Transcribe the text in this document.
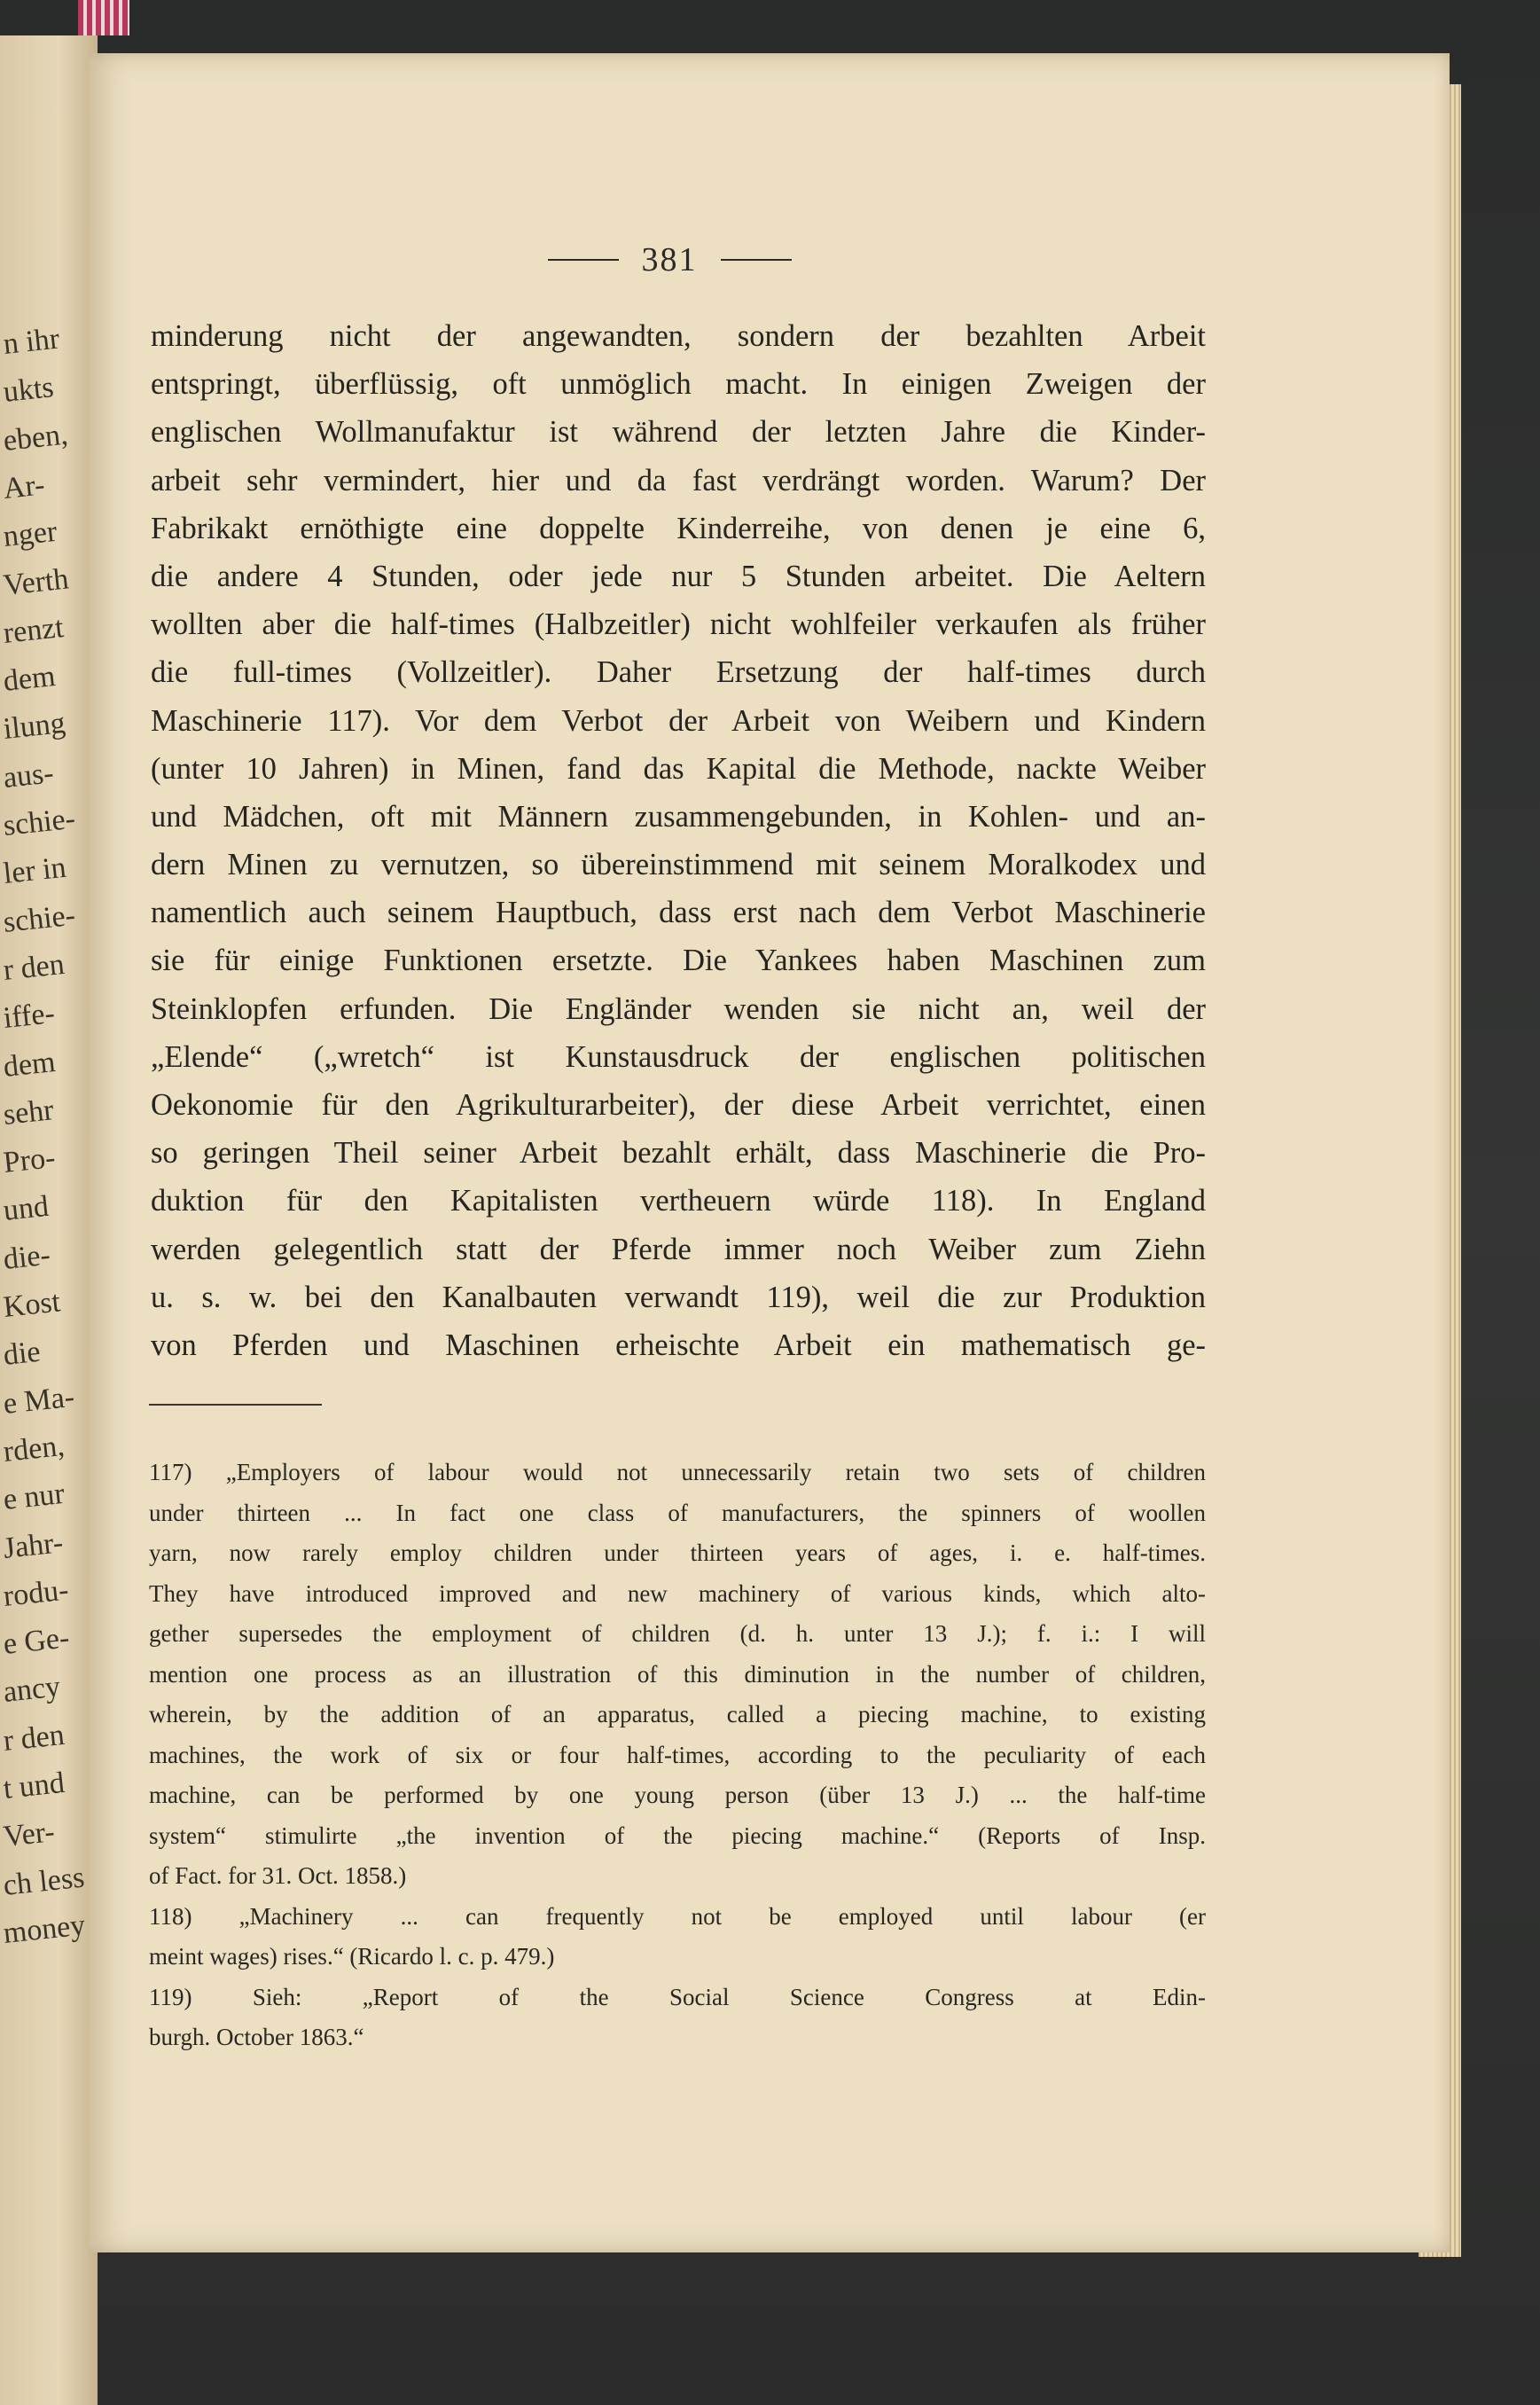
n ihr
ukts
eben,
Ar-
nger
Verth
renzt
dem
ilung
aus-
schie-
ler in
schie-
r den
iffe-
dem
sehr
Pro-
und
die-
Kost
die
e Ma-
rden,
e nur
Jahr-
rodu-
e Ge-
ancy
r den
t und
Ver-
ch less
money
381
minderung nicht der angewandten, sondern der bezahlten Arbeit
entspringt, überflüssig, oft unmöglich macht. In einigen Zweigen der
englischen Wollmanufaktur ist während der letzten Jahre die Kinder-
arbeit sehr vermindert, hier und da fast verdrängt worden. Warum? Der
Fabrikakt ernöthigte eine doppelte Kinderreihe, von denen je eine 6,
die andere 4 Stunden, oder jede nur 5 Stunden arbeitet. Die Aeltern
wollten aber die half-times (Halbzeitler) nicht wohlfeiler verkaufen als früher
die full-times (Vollzeitler). Daher Ersetzung der half-times durch
Maschinerie 117). Vor dem Verbot der Arbeit von Weibern und Kindern
(unter 10 Jahren) in Minen, fand das Kapital die Methode, nackte Weiber
und Mädchen, oft mit Männern zusammengebunden, in Kohlen- und an-
dern Minen zu vernutzen, so übereinstimmend mit seinem Moralkodex und
namentlich auch seinem Hauptbuch, dass erst nach dem Verbot Maschinerie
sie für einige Funktionen ersetzte. Die Yankees haben Maschinen zum
Steinklopfen erfunden. Die Engländer wenden sie nicht an, weil der
„Elende“ („wretch“ ist Kunstausdruck der englischen politischen
Oekonomie für den Agrikulturarbeiter), der diese Arbeit verrichtet, einen
so geringen Theil seiner Arbeit bezahlt erhält, dass Maschinerie die Pro-
duktion für den Kapitalisten vertheuern würde 118). In England
werden gelegentlich statt der Pferde immer noch Weiber zum Ziehn
u. s. w. bei den Kanalbauten verwandt 119), weil die zur Produktion
von Pferden und Maschinen erheischte Arbeit ein mathematisch ge-
117) „Employers of labour would not unnecessarily retain two sets of children
under thirteen ... In fact one class of manufacturers, the spinners of woollen
yarn, now rarely employ children under thirteen years of ages, i. e. half-times.
They have introduced improved and new machinery of various kinds, which alto-
gether supersedes the employment of children (d. h. unter 13 J.); f. i.: I will
mention one process as an illustration of this diminution in the number of children,
wherein, by the addition of an apparatus, called a piecing machine, to existing
machines, the work of six or four half-times, according to the peculiarity of each
machine, can be performed by one young person (über 13 J.) ... the half-time
system“ stimulirte „the invention of the piecing machine.“ (Reports of Insp.
of Fact. for 31. Oct. 1858.)
118) „Machinery ... can frequently not be employed until labour (er
meint wages) rises.“ (Ricardo l. c. p. 479.)
119) Sieh: „Report of the Social Science Congress at Edin-
burgh. October 1863.“
